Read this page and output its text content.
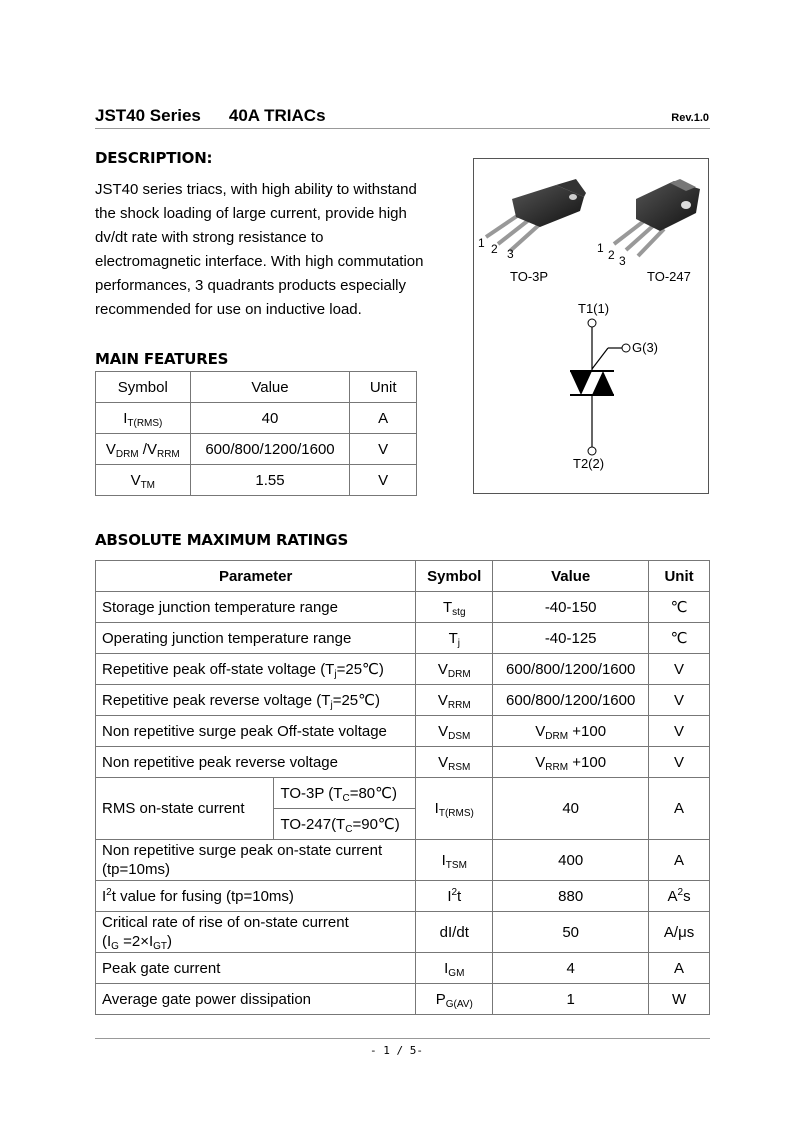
JST40 Series 40A TRIACs	Rev.1.0
DESCRIPTION:
JST40 series triacs, with high ability to withstand
the shock loading of large current, provide high
dv/dt rate with strong resistance to
electromagnetic interface. With high commutation
performances, 3 quadrants products especially
recommended for use on inductive load.
1 2 3
TO-3P
1 2 3
TO-247
T1(1)
G(3)
T2(2)
MAIN FEATURES
Symbol	Value	Unit
$I_{T(RMS)}$	40	A
$V_{DRM}$ $/V_{RRM}$	600/800/1200/1600	V
$V_{TM}$	1.55	V
ABSOLUTE MAXIMUM RATINGS
Parameter		Symbol	Value	Unit
Storage junction temperature range		$T_{stg}$	-40-150	℃
Operating junction temperature range		$T_j$	-40-125	℃
Repetitive peak off-state voltage $(T_j=25℃)$		$V_{DRM}$	600/800/1200/1600	V
Repetitive peak reverse voltage $(T_j=25℃)$		$V_{RRM}$	600/800/1200/1600	V
Non repetitive surge peak Off-state voltage		$V_{DSM}$	$V_{DRM} +100$	V
Non repetitive peak reverse voltage		$V_{RSM}$	$V_{RRM} +100$	V
RMS on-state current	TO-3P $(T_C=80℃)$	$I_{T(RMS)}$	40	A
	$TO-247(T_C=90℃)$			

Non repetitive surge peak on-state current
(tp=10ms)		$I_{TSM}$	400	A
$I^2t$ value for fusing (tp=10ms)		$I^2t$	880	$A^2s$

Critical rate of rise of on-state current
$(I_G =2\times I_{GT})$		dI/dt	50	A/μs
Peak gate current		$I_{GM}$	4	A
Average gate power dissipation		$P_{G(AV)}$	1	W
- 1 / 5-
